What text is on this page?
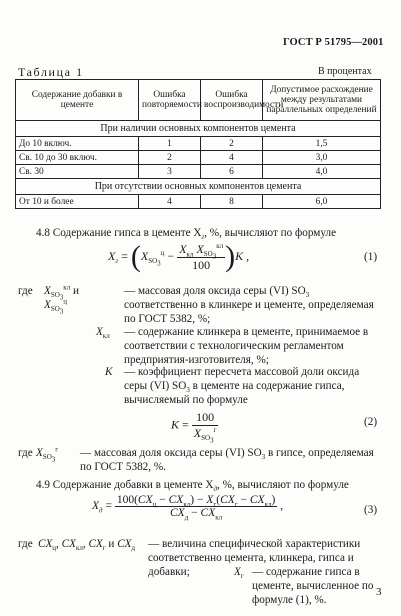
ГОСТ Р 51795—2001
Таблица 1	В процентах
Содержание добавки в цементе	Ошибка повторяемости	Ошибка воспроизводимости	Допустимое расхождение между результатами параллельных определений
При наличии основных компонентов цемента			
До 10 включ.	1	2	1,5
Св. 10 до 30 включ.	2	4	3,0
Св. 30	3	6	4,0
При отсутствии основных компонентов цемента			
От 10 и более	4	8	6,0
4.8 Содержание гипса в цементе $X_г$, %, вычисляют по формуле
$X_г = (X_{SO_3}^ц - \frac{X_{кл} X_{SO_3}^{кл}}{100} )K$ ,	(1)
где $X_{SO_3}^{кл}$ и $X_{SO_3}^ц$
— массовая доля оксида серы (VI) $SO_3$ соответственно в клинкере и цементе, определяемая по ГОСТ 5382, %;
$X_{кл}$ — содержание клинкера в цементе, принимаемое в соответствии с технологическим регламентом предприятия-изготовителя, %;
K — коэффициент пересчета массовой доли оксида серы (VI) $SO_3$ в цементе на содержание гипса, вычисляемый по формуле
$K = \frac{100}{X_{SO_3}^г}$	(2)
где $X_{SO_3}^г$ — массовая доля оксида серы (VI) $SO_3$ в гипсе, определяемая по ГОСТ 5382, %.
4.9 Содержание добавки в цементе $X_д$, %, вычисляют по формуле
$X_д = \frac{100(CX_ц - CX_{кл}) - X_г(CX_г - CX_{кл})}{CX_д - CX_{кл}}$ ,	(3)
где $CX_ц$, $CX_{кл}$, $CX_г$ и $CX_д$ — величина специфической характеристики соответственно цемента, клинкера, гипса и добавки;	$X_г$ — содержание гипса в цементе, вычисленное по формуле (1), %.
3
